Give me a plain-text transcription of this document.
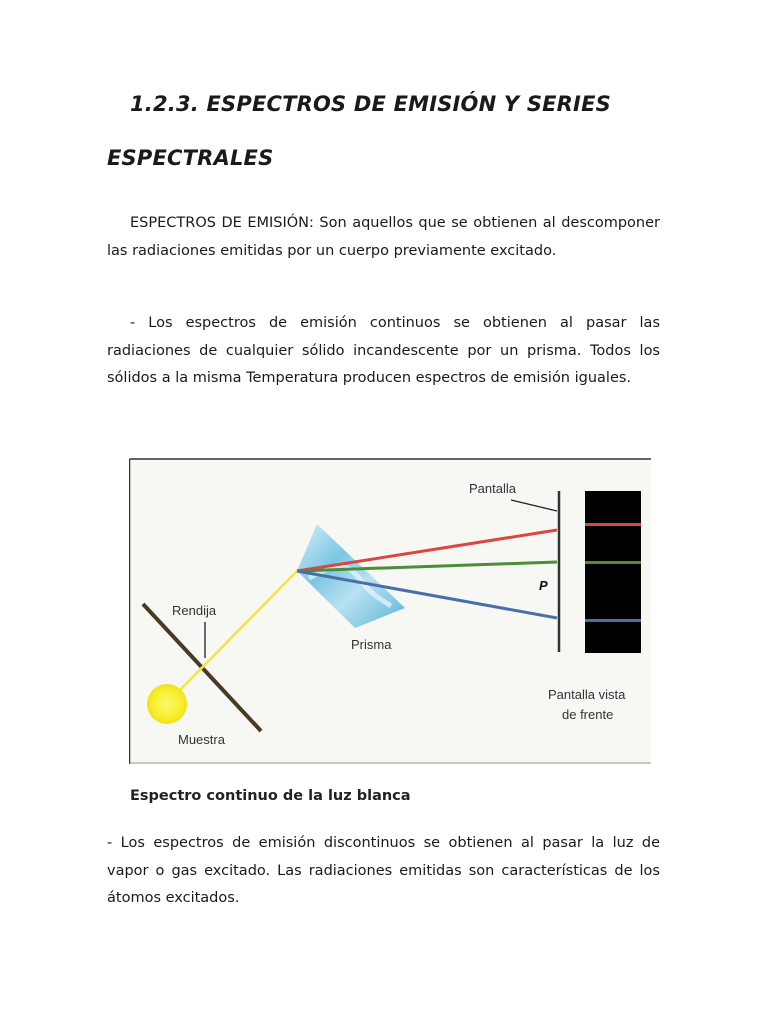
1.2.3. ESPECTROS DE EMISIÓN Y SERIES
ESPECTRALES

ESPECTROS DE EMISIÓN: Son aquellos que se obtienen al descomponer las radiaciones emitidas por un cuerpo previamente excitado.

- Los espectros de emisión continuos se obtienen al pasar las radiaciones de cualquier sólido incandescente por un prisma. Todos los sólidos a la misma Temperatura producen espectros de emisión iguales.

Pantalla
P
Rendija
Prisma
Muestra
Pantalla vista
de frente

Espectro continuo de la luz blanca

- Los espectros de emisión discontinuos se obtienen al pasar la luz de vapor o gas excitado. Las radiaciones emitidas son características de los átomos excitados.
